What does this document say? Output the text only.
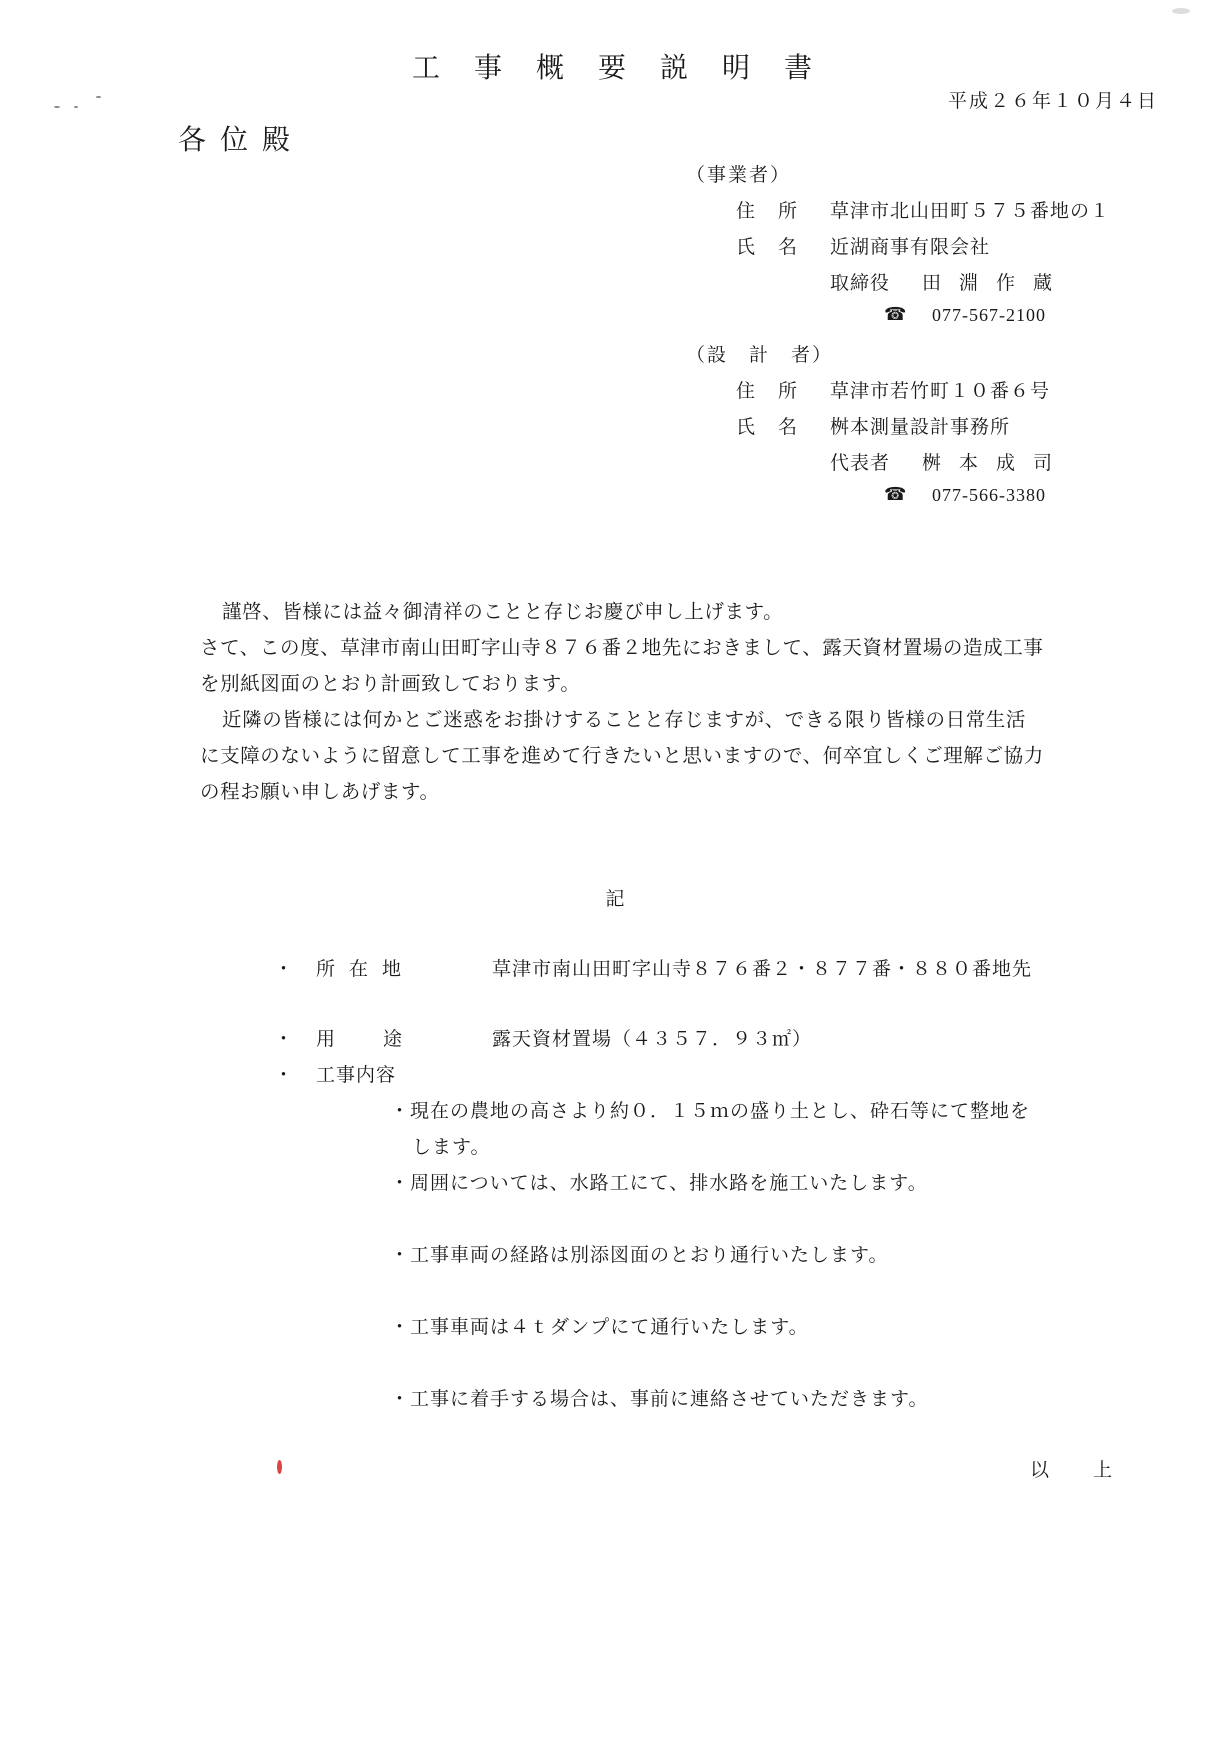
工事概要説明書
平成２６年１０月４日
各位殿
（事業者）
住　所 草津市北山田町５７５番地の１
氏　名 近湖商事有限会社
取締役 田淵作蔵
☎ 077-567-2100
（設　計　者）
住　所 草津市若竹町１０番６号
氏　名 桝本測量設計事務所
代表者 桝本成司
☎ 077-566-3380
謹啓、皆様には益々御清祥のことと存じお慶び申し上げます。
さて、この度、草津市南山田町字山寺８７６番２地先におきまして、露天資材置場の造成工事
を別紙図面のとおり計画致しております。
近隣の皆様には何かとご迷惑をお掛けすることと存じますが、できる限り皆様の日常生活
に支障のないように留意して工事を進めて行きたいと思いますので、何卒宜しくご理解ご協力
の程お願い申しあげます。
記
・ 所在地	草津市南山田町字山寺８７６番２・８７７番・８８０番地先
・ 用途 露天資材置場（４３５７．９３㎡）
・ 工事内容
・現在の農地の高さより約０．１５ｍの盛り土とし、砕石等にて整地を
します。
・周囲については、水路工にて、排水路を施工いたします。
・工事車両の経路は別添図面のとおり通行いたします。
・工事車両は４ｔダンプにて通行いたします。
・工事に着手する場合は、事前に連絡させていただきます。
以上
